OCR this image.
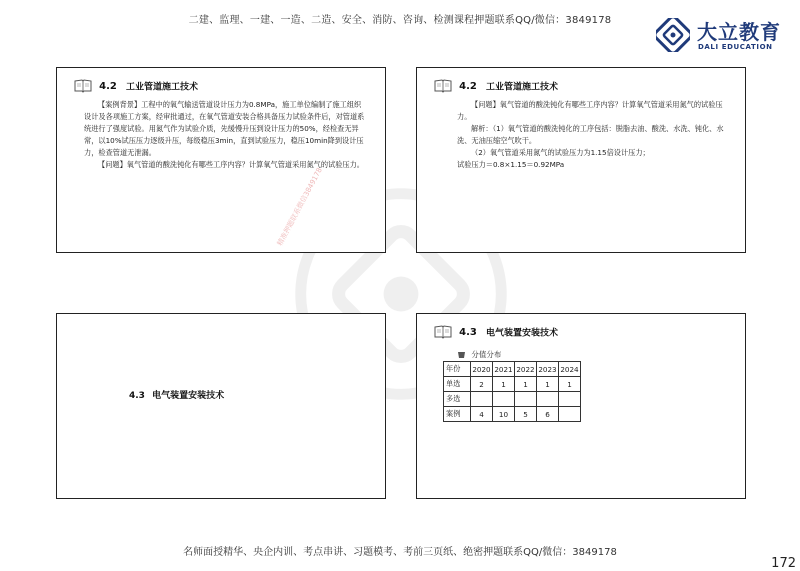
二建、监理、一建、一造、二造、安全、消防、咨询、检测课程押题联系QQ/微信：3849178	大立教育
DALI EDUCATION
4.2 工业管道施工技术

【案例背景】工程中的氧气输送管道设计压力为0.8MPa，施工单位编制了施工组织设计及各项施工方案，经审批通过，在氧气管道安装合格具备压力试验条件后，对管道系统进行了强度试验。用氮气作为试验介质，先缓慢升压到设计压力的50%，经检查无异常，以10%试压压力逐级升压，每级稳压3min，直到试验压力，稳压10min降到设计压力，检查管道无泄漏。

【问题】氧气管道的酸洗钝化有哪些工序内容？计算氧气管道采用氮气的试验压力。

精准押题联系微信3849178
4.2 工业管道施工技术

【问题】氧气管道的酸洗钝化有哪些工序内容？计算氧气管道采用氮气的试验压力。

解析：（1）氧气管道的酸洗钝化的工序包括：脱脂去油、酸洗、水洗、钝化、水洗、无油压缩空气吹干。

（2）氧气管道采用氮气的试验压力为1.15倍设计压力；

试验压力＝0.8×1.15＝0.92MPa

4.3 电气装置安装技术
4.3 电气装置安装技术
分值分布
年份	2020	2021	2022	2023	2024
单选	2	1	1	1	1
多选					
案例	4	10	5	6	
名师面授精华、央企内训、考点串讲、习题模考、考前三页纸、绝密押题联系QQ/微信：3849178
172
